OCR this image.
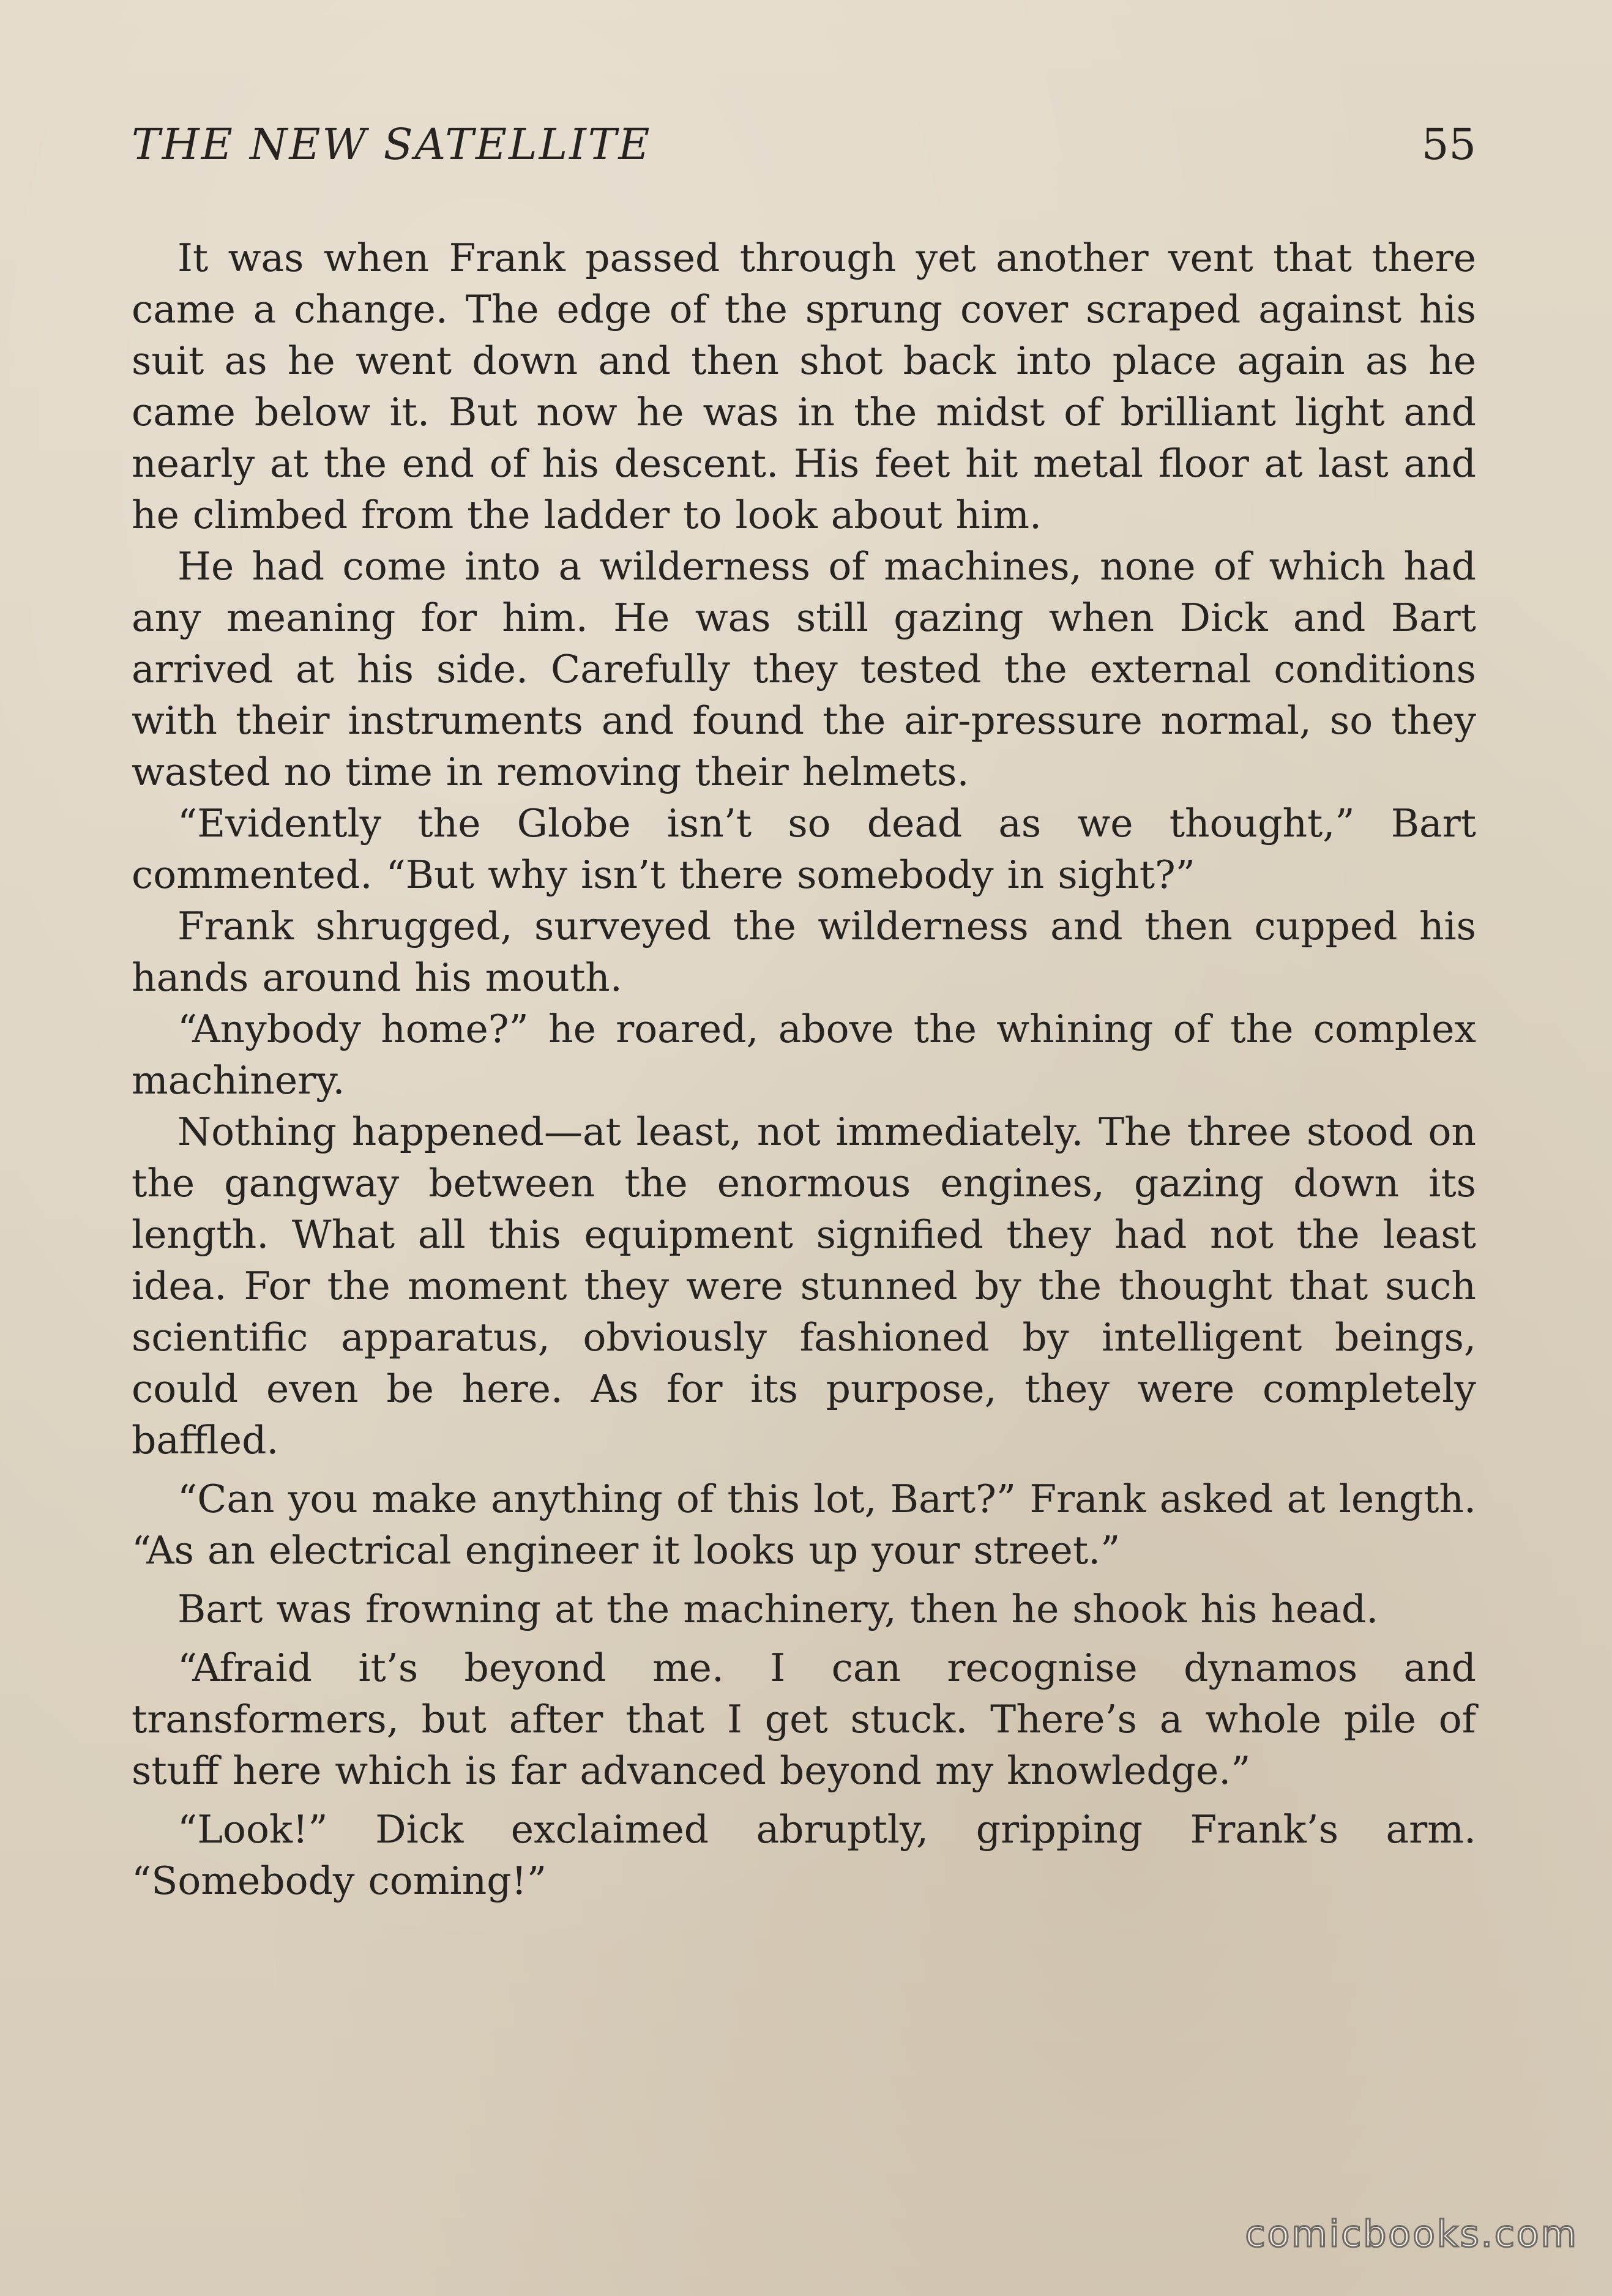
THE NEW SATELLITE	55

It was when Frank passed through yet another vent that there came a change. The edge of the sprung cover scraped against his suit as he went down and then shot back into place again as he came below it. But now he was in the midst of brilliant light and nearly at the end of his descent. His feet hit metal floor at last and he climbed from the ladder to look about him.

He had come into a wilderness of machines, none of which had any meaning for him. He was still gazing when Dick and Bart arrived at his side. Carefully they tested the external conditions with their instruments and found the air-pressure normal, so they wasted no time in removing their helmets.

“Evidently the Globe isn’t so dead as we thought,” Bart commented. “But why isn’t there somebody in sight?”

Frank shrugged, surveyed the wilderness and then cupped his hands around his mouth.

“Anybody home?” he roared, above the whining of the complex machinery.

Nothing happened—at least, not immediately. The three stood on the gangway between the enormous engines, gazing down its length. What all this equipment signified they had not the least idea. For the moment they were stunned by the thought that such scientific apparatus, obviously fashioned by intelligent beings, could even be here. As for its purpose, they were completely baffled.

“Can you make anything of this lot, Bart?” Frank asked at length. “As an electrical engineer it looks up your street.”

Bart was frowning at the machinery, then he shook his head.

“Afraid it’s beyond me. I can recognise dynamos and transformers, but after that I get stuck. There’s a whole pile of stuff here which is far advanced beyond my knowledge.”

“Look!” Dick exclaimed abruptly, gripping Frank’s arm. “Somebody coming!”

comicbooks.com
